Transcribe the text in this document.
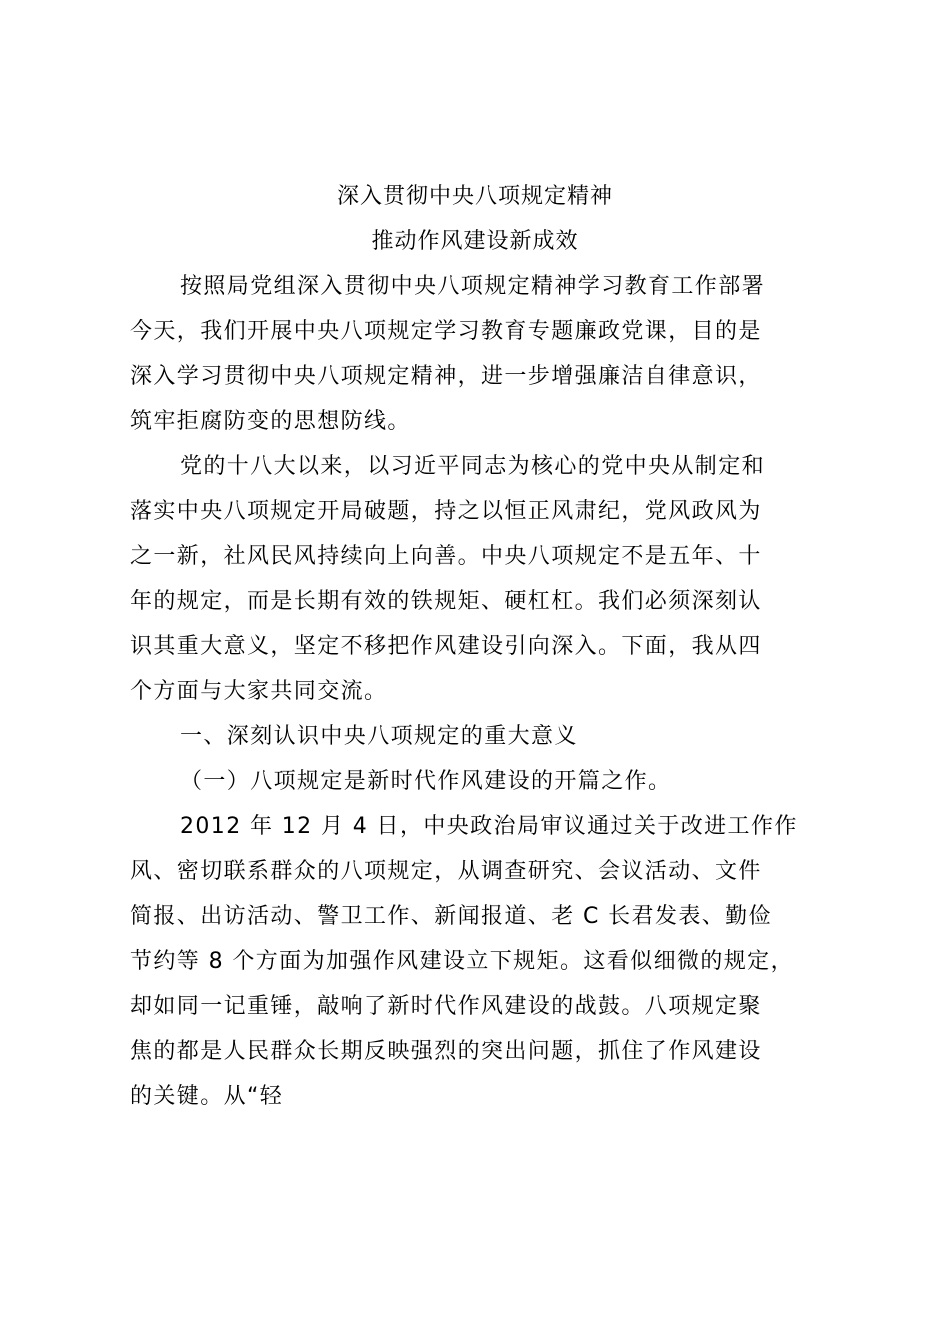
深入贯彻中央八项规定精神
推动作风建设新成效

按照局党组深入贯彻中央八项规定精神学习教育工作部署

今天，我们开展中央八项规定学习教育专题廉政党课，目的是

深入学习贯彻中央八项规定精神，进一步增强廉洁自律意识，

筑牢拒腐防变的思想防线。

党的十八大以来，以习近平同志为核心的党中央从制定和

落实中央八项规定开局破题，持之以恒正风肃纪，党风政风为

之一新，社风民风持续向上向善。中央八项规定不是五年、十

年的规定，而是长期有效的铁规矩、硬杠杠。我们必须深刻认

识其重大意义，坚定不移把作风建设引向深入。下面，我从四

个方面与大家共同交流。

一、深刻认识中央八项规定的重大意义

（一）八项规定是新时代作风建设的开篇之作。

2012 年 12 月 4 日，中央政治局审议通过关于改进工作作

风、密切联系群众的八项规定，从调查研究、会议活动、文件

简报、出访活动、警卫工作、新闻报道、老 C 长君发表、勤俭

节约等 8 个方面为加强作风建设立下规矩。这看似细微的规定，

却如同一记重锤，敲响了新时代作风建设的战鼓。八项规定聚

焦的都是人民群众长期反映强烈的突出问题，抓住了作风建设

的关键。从“轻
